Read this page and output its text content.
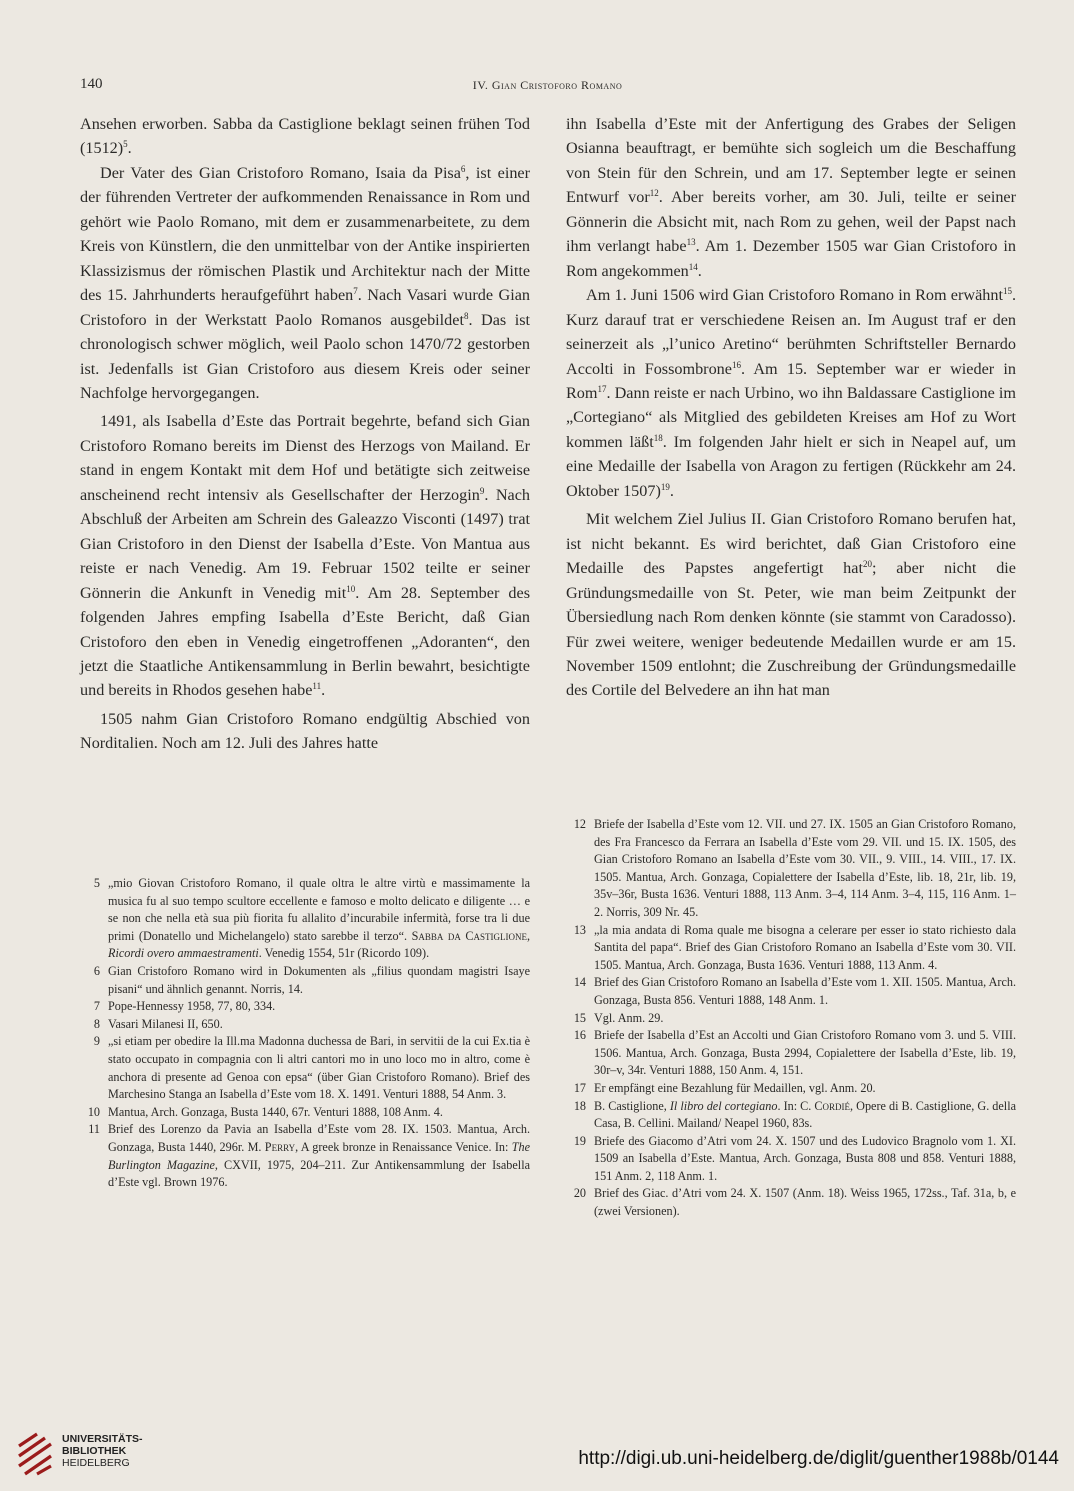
140	IV. Gian Cristoforo Romano

Ansehen erworben. Sabba da Castiglione beklagt seinen frühen Tod $(1512)^5$.

Der Vater des Gian Cristoforo Romano, Isaia da Pisa$^6$, ist einer der führenden Vertreter der aufkommenden Renaissance in Rom und gehört wie Paolo Romano, mit dem er zusammenarbeitete, zu dem Kreis von Künstlern, die den unmittelbar von der Antike inspirierten Klassizismus der römischen Plastik und Architektur nach der Mitte des 15. Jahrhunderts heraufgeführt haben$^7$. Nach Vasari wurde Gian Cristoforo in der Werkstatt Paolo Romanos ausgebildet$^8$. Das ist chronologisch schwer möglich, weil Paolo schon 1470/72 gestorben ist. Jedenfalls ist Gian Cristoforo aus diesem Kreis oder seiner Nachfolge hervorgegangen.

1491, als Isabella d’Este das Portrait begehrte, befand sich Gian Cristoforo Romano bereits im Dienst des Herzogs von Mailand. Er stand in engem Kontakt mit dem Hof und betätigte sich zeitweise anscheinend recht intensiv als Gesellschafter der Herzogin$^9$. Nach Abschluß der Arbeiten am Schrein des Galeazzo Visconti (1497) trat Gian Cristoforo in den Dienst der Isabella d’Este. Von Mantua aus reiste er nach Venedig. Am 19. Februar 1502 teilte er seiner Gönnerin die Ankunft in Venedig mit$^{10}$. Am 28. September des folgenden Jahres empfing Isabella d’Este Bericht, daß Gian Cristoforo den eben in Venedig eingetroffenen „Adoranten“, den jetzt die Staatliche Antikensammlung in Berlin bewahrt, besichtigte und bereits in Rhodos gesehen habe$^{11}$.

1505 nahm Gian Cristoforo Romano endgültig Abschied von Norditalien. Noch am 12. Juli des Jahres hatte

ihn Isabella d’Este mit der Anfertigung des Grabes der Seligen Osianna beauftragt, er bemühte sich sogleich um die Beschaffung von Stein für den Schrein, und am 17. September legte er seinen Entwurf vor$^{12}$. Aber bereits vorher, am 30. Juli, teilte er seiner Gönnerin die Absicht mit, nach Rom zu gehen, weil der Papst nach ihm verlangt habe$^{13}$. Am 1. Dezember 1505 war Gian Cristoforo in Rom angekommen$^{14}$.

Am 1. Juni 1506 wird Gian Cristoforo Romano in Rom erwähnt$^{15}$. Kurz darauf trat er verschiedene Reisen an. Im August traf er den seinerzeit als „l’unico Aretino“ berühmten Schriftsteller Bernardo Accolti in Fossombrone$^{16}$. Am 15. September war er wieder in Rom$^{17}$. Dann reiste er nach Urbino, wo ihn Baldassare Castiglione im „Cortegiano“ als Mitglied des gebildeten Kreises am Hof zu Wort kommen läßt$^{18}$. Im folgenden Jahr hielt er sich in Neapel auf, um eine Medaille der Isabella von Aragon zu fertigen (Rückkehr am 24. Oktober 1507)$^{19}$.

Mit welchem Ziel Julius II. Gian Cristoforo Romano berufen hat, ist nicht bekannt. Es wird berichtet, daß Gian Cristoforo eine Medaille des Papstes angefertigt hat$^{20}$; aber nicht die Gründungsmedaille von St. Peter, wie man beim Zeitpunkt der Übersiedlung nach Rom denken könnte (sie stammt von Caradosso). Für zwei weitere, weniger bedeutende Medaillen wurde er am 15. November 1509 entlohnt; die Zuschreibung der Gründungsmedaille des Cortile del Belvedere an ihn hat man

5 „mio Giovan Cristoforo Romano, il quale oltra le altre virtù e massimamente la musica fu al suo tempo scultore eccellente e famoso e molto delicato e diligente … e se non che nella età sua più fiorita fu allalito d’incurabile infermità, forse tra li due primi (Donatello und Michelangelo) stato sarebbe il terzo“. Sabba da Castiglione, Ricordi overo ammaestramenti. Venedig 1554, 51r (Ricordo 109).
6 Gian Cristoforo Romano wird in Dokumenten als „filius quondam magistri Isaye pisani“ und ähnlich genannt. Norris, 14.
7 Pope-Hennessy 1958, 77, 80, 334.
8 Vasari Milanesi II, 650.
9 „si etiam per obedire la Ill.ma Madonna duchessa de Bari, in servitii de la cui Ex.tia è stato occupato in compagnia con li altri cantori mo in uno loco mo in altro, come è anchora di presente ad Genoa con epsa“ (über Gian Cristoforo Romano). Brief des Marchesino Stanga an Isabella d’Este vom 18. X. 1491. Venturi 1888, 54 Anm. 3.
10 Mantua, Arch. Gonzaga, Busta 1440, 67r. Venturi 1888, 108 Anm. 4.
11 Brief des Lorenzo da Pavia an Isabella d’Este vom 28. IX. 1503. Mantua, Arch. Gonzaga, Busta 1440, 296r. M. Perry, A greek bronze in Renaissance Venice. In: The Burlington Magazine, CXVII, 1975, 204–211. Zur Antikensammlung der Isabella d’Este vgl. Brown 1976.
12 Briefe der Isabella d’Este vom 12. VII. und 27. IX. 1505 an Gian Cristoforo Romano, des Fra Francesco da Ferrara an Isabella d’Este vom 29. VII. und 15. IX. 1505, des Gian Cristoforo Romano an Isabella d’Este vom 30. VII., 9. VIII., 14. VIII., 17. IX. 1505. Mantua, Arch. Gonzaga, Copialettere der Isabella d’Este, lib. 18, 21r, lib. 19, 35v–36r, Busta 1636. Venturi 1888, 113 Anm. 3–4, 114 Anm. 3–4, 115, 116 Anm. 1–2. Norris, 309 Nr. 45.
13 „la mia andata di Roma quale me bisogna a celerare per esser io stato richiesto dala Santita del papa“. Brief des Gian Cristoforo Romano an Isabella d’Este vom 30. VII. 1505. Mantua, Arch. Gonzaga, Busta 1636. Venturi 1888, 113 Anm. 4.
14 Brief des Gian Cristoforo Romano an Isabella d’Este vom 1. XII. 1505. Mantua, Arch. Gonzaga, Busta 856. Venturi 1888, 148 Anm. 1.
15 Vgl. Anm. 29.
16 Briefe der Isabella d’Est an Accolti und Gian Cristoforo Romano vom 3. und 5. VIII. 1506. Mantua, Arch. Gonzaga, Busta 2994, Copialettere der Isabella d’Este, lib. 19, 30r–v, 34r. Venturi 1888, 150 Anm. 4, 151.
17 Er empfängt eine Bezahlung für Medaillen, vgl. Anm. 20.
18 B. Castiglione, Il libro del cortegiano. In: C. Cordié, Opere di B. Castiglione, G. della Casa, B. Cellini. Mailand/ Neapel 1960, 83s.
19 Briefe des Giacomo d’Atri vom 24. X. 1507 und des Ludovico Bragnolo vom 1. XI. 1509 an Isabella d’Este. Mantua, Arch. Gonzaga, Busta 808 und 858. Venturi 1888, 151 Anm. 2, 118 Anm. 1.
20 Brief des Giac. d’Atri vom 24. X. 1507 (Anm. 18). Weiss 1965, 172ss., Taf. 31a, b, e (zwei Versionen).
UNIVERSITÄTS-
BIBLIOTHEK
HEIDELBERG	http://digi.ub.uni-heidelberg.de/diglit/guenther1988b/0144
